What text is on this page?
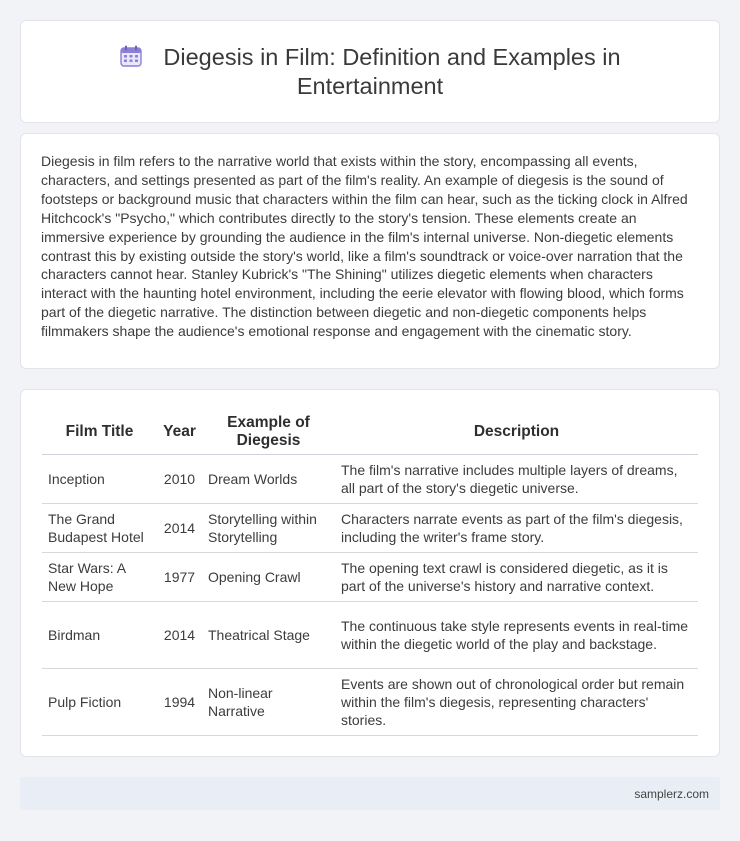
Diegesis in Film: Definition and Examples in
Entertainment

Diegesis in film refers to the narrative world that exists within the story, encompassing all events, characters, and settings presented as part of the film's reality. An example of diegesis is the sound of footsteps or background music that characters within the film can hear, such as the ticking clock in Alfred Hitchcock's "Psycho," which contributes directly to the story's tension. These elements create an immersive experience by grounding the audience in the film's internal universe. Non-diegetic elements contrast this by existing outside the story's world, like a film's soundtrack or voice-over narration that the characters cannot hear. Stanley Kubrick's "The Shining" utilizes diegetic elements when characters interact with the haunting hotel environment, including the eerie elevator with flowing blood, which forms part of the diegetic narrative. The distinction between diegetic and non-diegetic components helps filmmakers shape the audience's emotional response and engagement with the cinematic story.

Film Title	Year	Example of Diegesis	Description
Inception	2010	Dream Worlds	The film's narrative includes multiple layers of dreams, all part of the story's diegetic universe.
The Grand Budapest Hotel	2014	Storytelling within Storytelling	Characters narrate events as part of the film's diegesis, including the writer's frame story.
Star Wars: A New Hope	1977	Opening Crawl	The opening text crawl is considered diegetic, as it is part of the universe's history and narrative context.
Birdman	2014	Theatrical Stage	The continuous take style represents events in real-time within the diegetic world of the play and backstage.
Pulp Fiction	1994	Non-linear Narrative	Events are shown out of chronological order but remain within the film's diegesis, representing characters' stories.
samplerz.com
